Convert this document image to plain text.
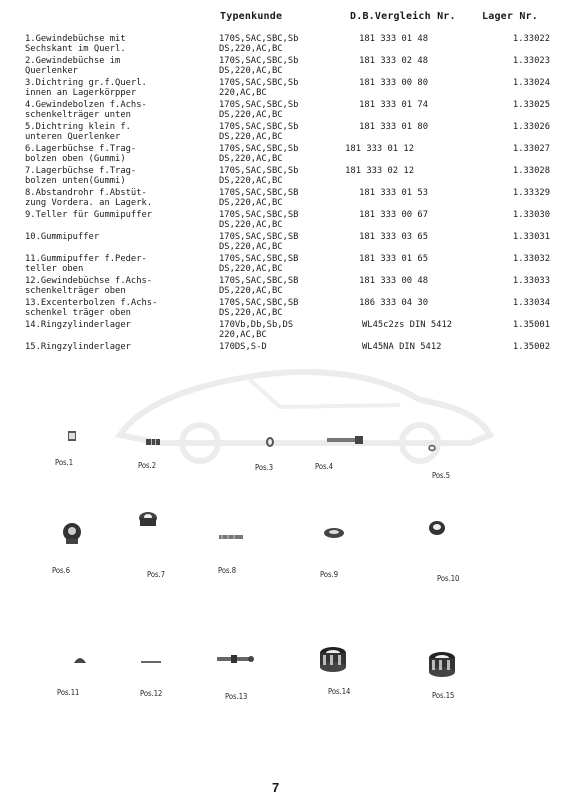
Typenkunde	D.B.Vergleich Nr.	Lager Nr.
1.Gewindebüchse mit
Sechskant im Querl.
170S,SAC,SBC,Sb
DS,220,AC,BC
181 333 01 48	1.33022
2.Gewindebüchse im
Querlenker
170S,SAC,SBC,Sb
DS,220,AC,BC
181 333 02 48	1.33023
3.Dichtring gr.f.Querl.
innen an Lagerkörpper
170S,SAC,SBC,Sb
220,AC,BC
181 333 00 80	1.33024
4.Gewindebolzen f.Achs-
schenkelträger unten
170S,SAC,SBC,Sb
DS,220,AC,BC
181 333 01 74	1.33025
5.Dichtring klein f.
unteren Querlenker
170S,SAC,SBC,Sb
DS,220,AC,BC
181 333 01 80	1.33026
6.Lagerbüchse f.Trag-
bolzen oben (Gummi)
170S,SAC,SBC,Sb
DS,220,AC,BC
181 333 01 12	1.33027
7.Lagerbüchse f.Trag-
bolzen unten(Gummi)
170S,SAC,SBC,Sb
DS,220,AC,BC
181 333 02 12	1.33028
8.Abstandrohr f.Abstüt-
zung Vordera. an Lagerk.
170S,SAC,SBC,SB
DS,220,AC,BC
181 333 01 53	1.33329
9.Teller für Gummipuffer	170S,SAC,SBC,SB
DS,220,AC,BC
181 333 00 67	1.33030
10.Gummipuffer	170S,SAC,SBC,SB
DS,220,AC,BC
181 333 03 65	1.33031
11.Gummipuffer f.Peder-
teller oben
170S,SAC,SBC,SB
DS,220,AC,BC
181 333 01 65	1.33032
12.Gewindebüchse f.Achs-
schenkelträger oben
170S,SAC,SBC,SB
DS,220,AC,BC
181 333 00 48	1.33033
13.Excenterbolzen f.Achs-
schenkel träger oben
170S,SAC,SBC,SB
DS,220,AC,BC
186 333 04 30	1.33034
14.Ringzylinderlager	170Vb,Db,Sb,DS
220,AC,BC
WL45c2zs DIN 5412	1.35001
15.Ringzylinderlager	170DS,S-D	WL45NA DIN 5412	1.35002
Pos.1	Pos.2	Pos.3	Pos.4
Pos.5
Pos.6	Pos.7	Pos.8	Pos.9	Pos.10
Pos.11	Pos.12	Pos.13
Pos.14	Pos.15
7
